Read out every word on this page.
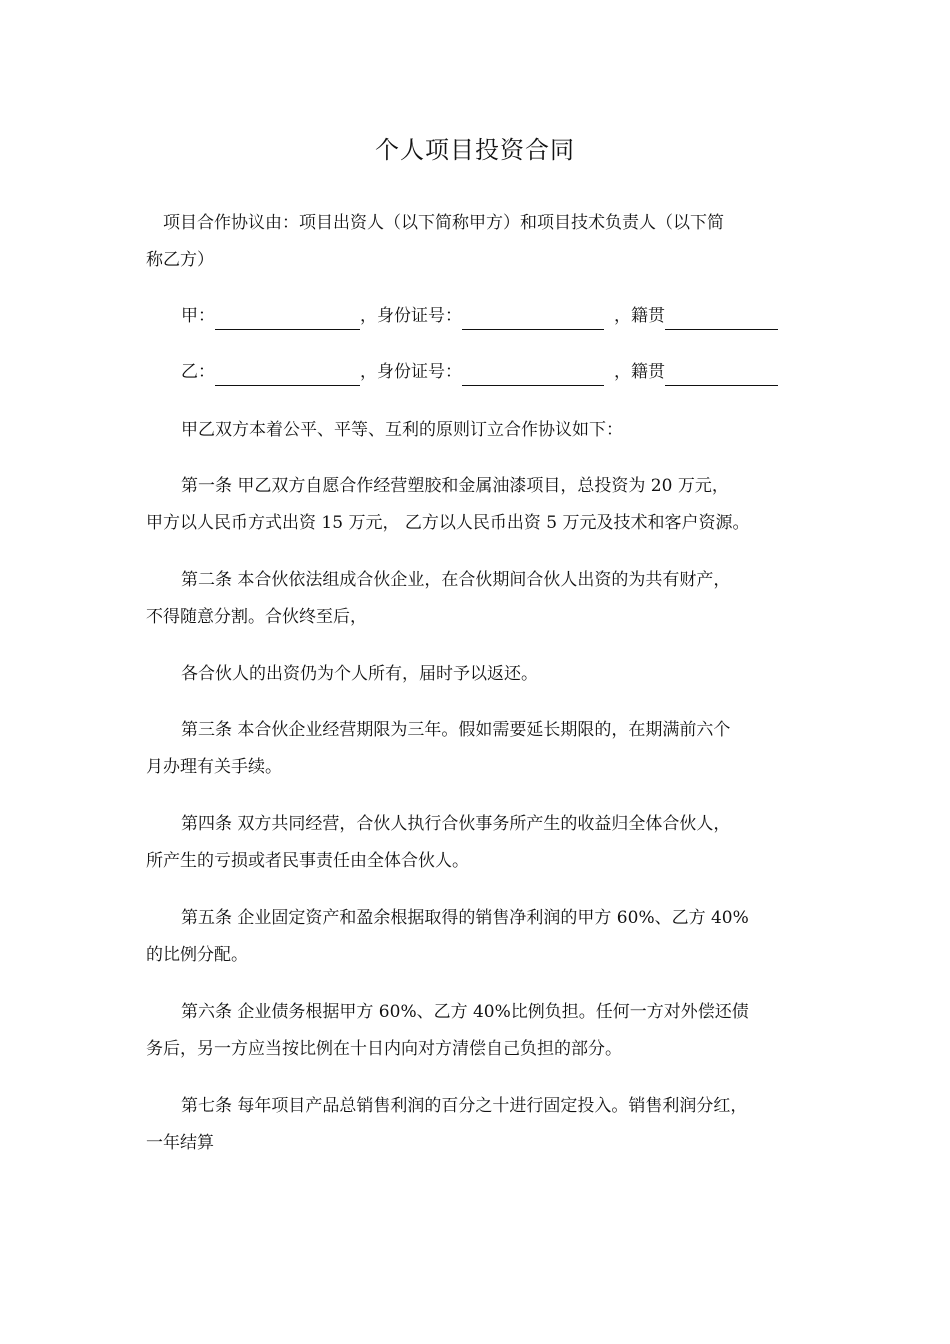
个人项目投资合同
项目合作协议由：项目出资人（以下简称甲方）和项目技术负责人（以下简
称乙方）
甲：	，身份证号：	，籍贯
乙：	，身份证号：	，籍贯
甲乙双方本着公平、平等、互利的原则订立合作协议如下：
第一条 甲乙双方自愿合作经营塑胶和金属油漆项目，总投资为 20 万元，
甲方以人民币方式出资 15 万元， 乙方以人民币出资 5 万元及技术和客户资源。
第二条 本合伙依法组成合伙企业，在合伙期间合伙人出资的为共有财产，
不得随意分割。合伙终至后，
各合伙人的出资仍为个人所有，届时予以返还。
第三条 本合伙企业经营期限为三年。假如需要延长期限的，在期满前六个
月办理有关手续。
第四条 双方共同经营，合伙人执行合伙事务所产生的收益归全体合伙人，
所产生的亏损或者民事责任由全体合伙人。
第五条 企业固定资产和盈余根据取得的销售净利润的甲方 60%、乙方 40%
的比例分配。
第六条 企业债务根据甲方 60%、乙方 40%比例负担。任何一方对外偿还债
务后，另一方应当按比例在十日内向对方清偿自己负担的部分。
第七条 每年项目产品总销售利润的百分之十进行固定投入。销售利润分红，
一年结算
